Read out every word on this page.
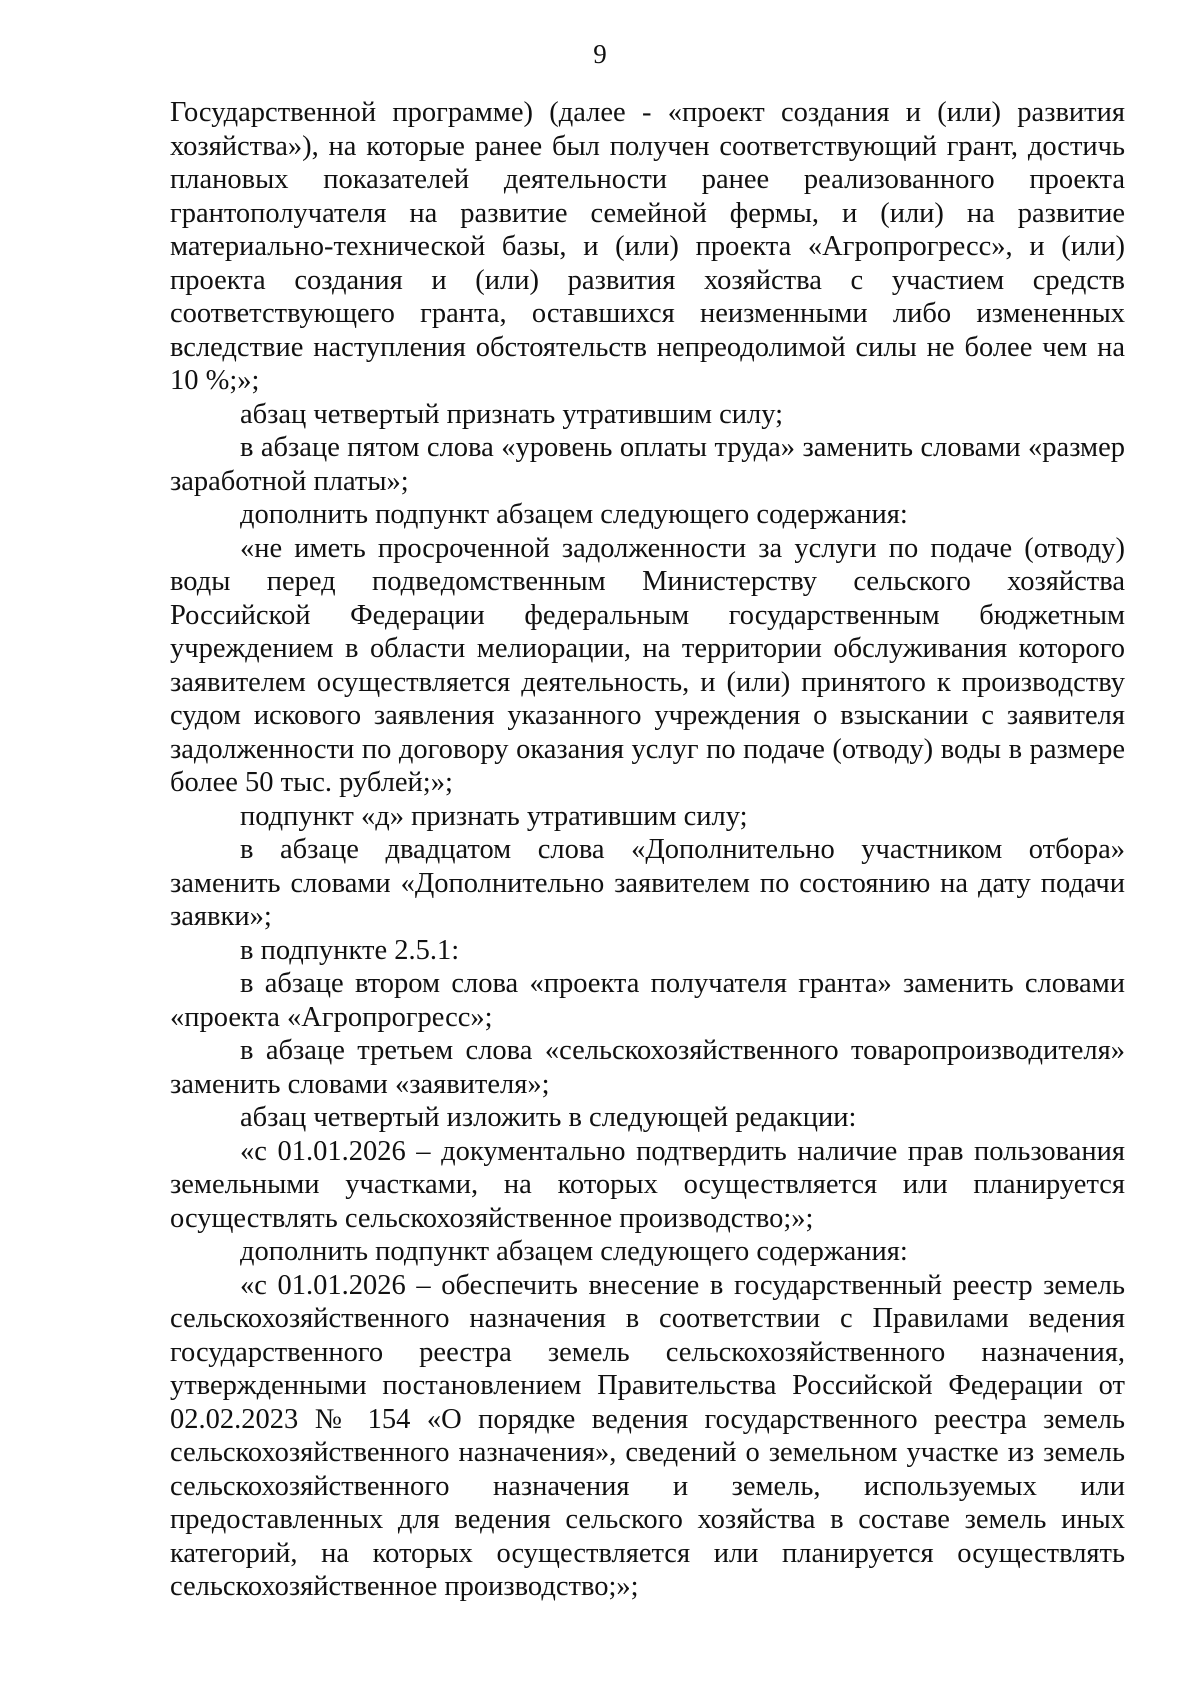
9

Государственной программе) (далее - «проект создания и (или) развития хозяйства»), на которые ранее был получен соответствующий грант, достичь плановых показателей деятельности ранее реализованного проекта грантополучателя на развитие семейной фермы, и (или) на развитие материально-технической базы, и (или) проекта «Агропрогресс», и (или) проекта создания и (или) развития хозяйства с участием средств соответствующего гранта, оставшихся неизменными либо измененных вследствие наступления обстоятельств непреодолимой силы не более чем на 10 %;»;

абзац четвертый признать утратившим силу;

в абзаце пятом слова «уровень оплаты труда» заменить словами «размер заработной платы»;

дополнить подпункт абзацем следующего содержания:

«не иметь просроченной задолженности за услуги по подаче (отводу) воды перед подведомственным Министерству сельского хозяйства Российской Федерации федеральным государственным бюджетным учреждением в области мелиорации, на территории обслуживания которого заявителем осуществляется деятельность, и (или) принятого к производству судом искового заявления указанного учреждения о взыскании с заявителя задолженности по договору оказания услуг по подаче (отводу) воды в размере более 50 тыс. рублей;»;

подпункт «д» признать утратившим силу;

в абзаце двадцатом слова «Дополнительно участником отбора» заменить словами «Дополнительно заявителем по состоянию на дату подачи заявки»;

в подпункте 2.5.1:

в абзаце втором слова «проекта получателя гранта» заменить словами «проекта «Агропрогресс»;

в абзаце третьем слова «сельскохозяйственного товаропроизводителя» заменить словами «заявителя»;

абзац четвертый изложить в следующей редакции:

«с 01.01.2026 – документально подтвердить наличие прав пользования земельными участками, на которых осуществляется или планируется осуществлять сельскохозяйственное производство;»;

дополнить подпункт абзацем следующего содержания:

«с 01.01.2026 – обеспечить внесение в государственный реестр земель сельскохозяйственного назначения в соответствии с Правилами ведения государственного реестра земель сельскохозяйственного назначения, утвержденными постановлением Правительства Российской Федерации от 02.02.2023 № 154 «О порядке ведения государственного реестра земель сельскохозяйственного назначения», сведений о земельном участке из земель сельскохозяйственного назначения и земель, используемых или предоставленных для ведения сельского хозяйства в составе земель иных категорий, на которых осуществляется или планируется осуществлять сельскохозяйственное производство;»;
